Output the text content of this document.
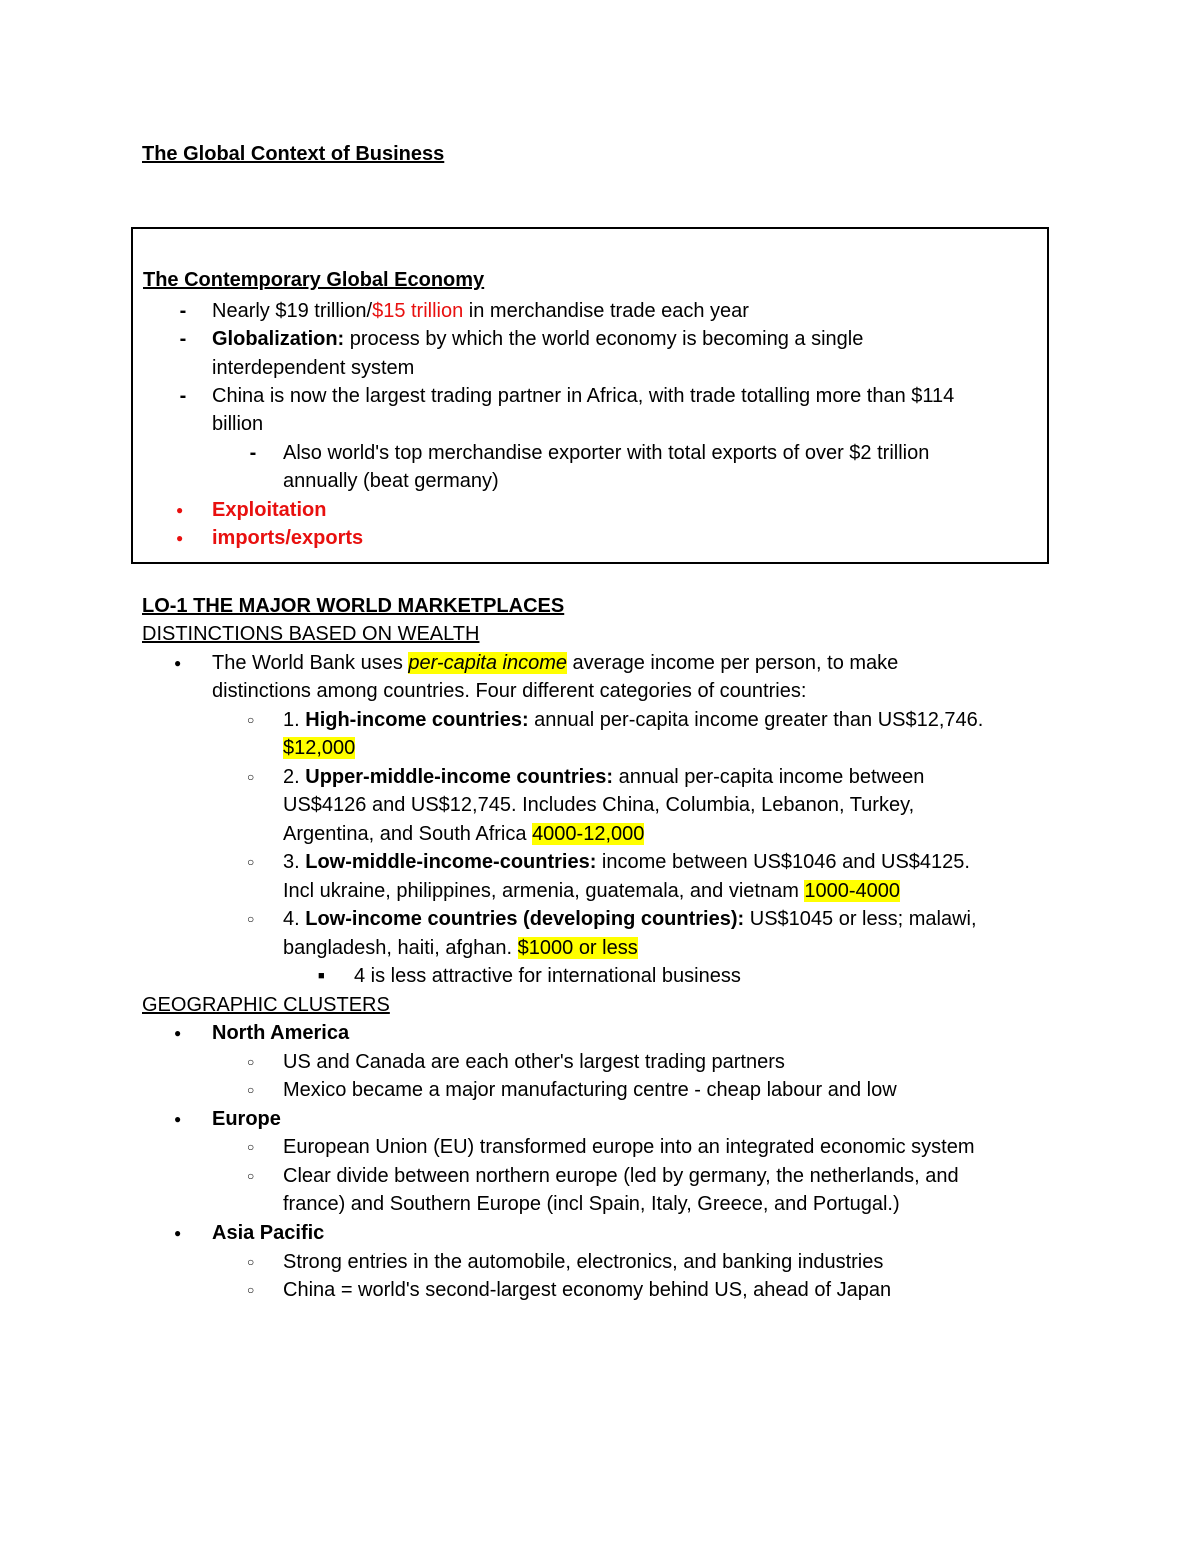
The Global Context of Business
The Contemporary Global Economy
- Nearly $19 trillion/$15 trillion in merchandise trade each year
- Globalization: process by which the world economy is becoming a single
interdependent system
- China is now the largest trading partner in Africa, with trade totalling more than $114
billion
- Also world's top merchandise exporter with total exports of over $2 trillion
annually (beat germany)
● Exploitation
● imports/exports
LO-1 THE MAJOR WORLD MARKETPLACES
DISTINCTIONS BASED ON WEALTH
● The World Bank uses per-capita income average income per person, to make
distinctions among countries. Four different categories of countries:
○ 1. High-income countries: annual per-capita income greater than US$12,746.
$12,000
○ 2. Upper-middle-income countries: annual per-capita income between
US$4126 and US$12,745. Includes China, Columbia, Lebanon, Turkey,
Argentina, and South Africa 4000-12,000
○ 3. Low-middle-income-countries: income between US$1046 and US$4125.
Incl ukraine, philippines, armenia, guatemala, and vietnam 1000-4000
○ 4. Low-income countries (developing countries): US$1045 or less; malawi,
bangladesh, haiti, afghan. $1000 or less
■ 4 is less attractive for international business
GEOGRAPHIC CLUSTERS
● North America
○ US and Canada are each other's largest trading partners
○ Mexico became a major manufacturing centre - cheap labour and low
● Europe
○ European Union (EU) transformed europe into an integrated economic system
○ Clear divide between northern europe (led by germany, the netherlands, and
france) and Southern Europe (incl Spain, Italy, Greece, and Portugal.)
● Asia Pacific
○ Strong entries in the automobile, electronics, and banking industries
○ China = world's second-largest economy behind US, ahead of Japan
